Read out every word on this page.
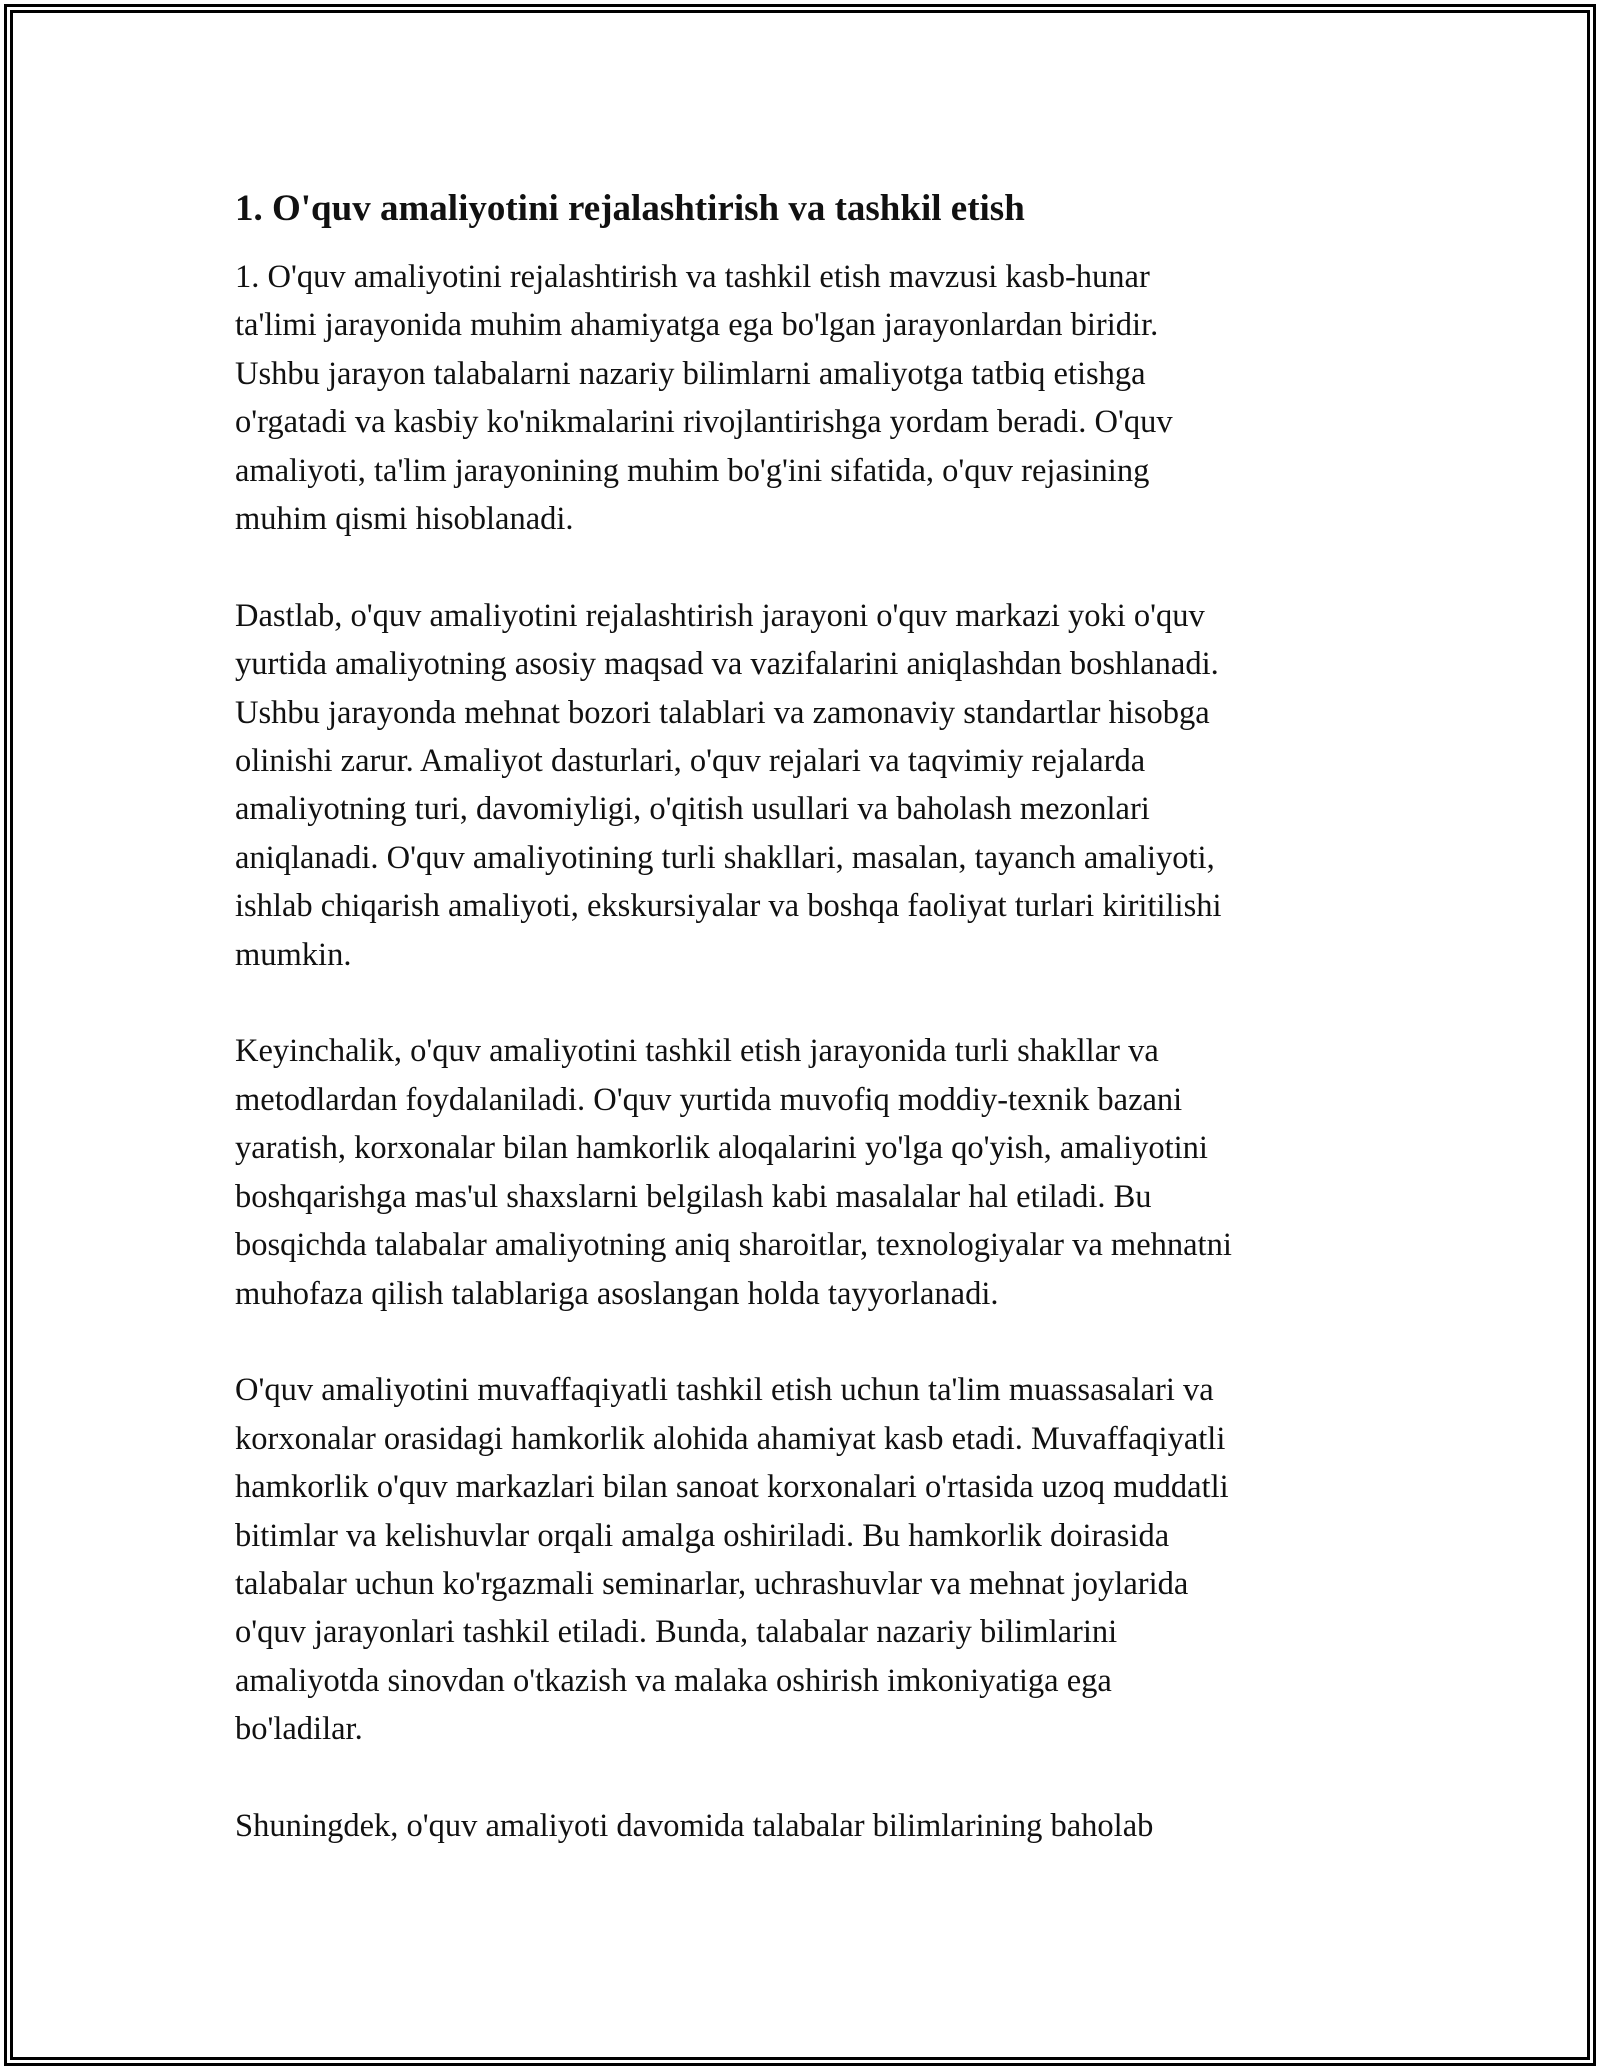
1. O'quv amaliyotini rejalashtirish va tashkil etish

1. O'quv amaliyotini rejalashtirish va tashkil etish mavzusi kasb-hunar
ta'limi jarayonida muhim ahamiyatga ega bo'lgan jarayonlardan biridir.
Ushbu jarayon talabalarni nazariy bilimlarni amaliyotga tatbiq etishga
o'rgatadi va kasbiy ko'nikmalarini rivojlantirishga yordam beradi. O'quv
amaliyoti, ta'lim jarayonining muhim bo'g'ini sifatida, o'quv rejasining
muhim qismi hisoblanadi.

Dastlab, o'quv amaliyotini rejalashtirish jarayoni o'quv markazi yoki o'quv
yurtida amaliyotning asosiy maqsad va vazifalarini aniqlashdan boshlanadi.
Ushbu jarayonda mehnat bozori talablari va zamonaviy standartlar hisobga
olinishi zarur. Amaliyot dasturlari, o'quv rejalari va taqvimiy rejalarda
amaliyotning turi, davomiyligi, o'qitish usullari va baholash mezonlari
aniqlanadi. O'quv amaliyotining turli shakllari, masalan, tayanch amaliyoti,
ishlab chiqarish amaliyoti, ekskursiyalar va boshqa faoliyat turlari kiritilishi
mumkin.

Keyinchalik, o'quv amaliyotini tashkil etish jarayonida turli shakllar va
metodlardan foydalaniladi. O'quv yurtida muvofiq moddiy-texnik bazani
yaratish, korxonalar bilan hamkorlik aloqalarini yo'lga qo'yish, amaliyotini
boshqarishga mas'ul shaxslarni belgilash kabi masalalar hal etiladi. Bu
bosqichda talabalar amaliyotning aniq sharoitlar, texnologiyalar va mehnatni
muhofaza qilish talablariga asoslangan holda tayyorlanadi.

O'quv amaliyotini muvaffaqiyatli tashkil etish uchun ta'lim muassasalari va
korxonalar orasidagi hamkorlik alohida ahamiyat kasb etadi. Muvaffaqiyatli
hamkorlik o'quv markazlari bilan sanoat korxonalari o'rtasida uzoq muddatli
bitimlar va kelishuvlar orqali amalga oshiriladi. Bu hamkorlik doirasida
talabalar uchun ko'rgazmali seminarlar, uchrashuvlar va mehnat joylarida
o'quv jarayonlari tashkil etiladi. Bunda, talabalar nazariy bilimlarini
amaliyotda sinovdan o'tkazish va malaka oshirish imkoniyatiga ega
bo'ladilar.

Shuningdek, o'quv amaliyoti davomida talabalar bilimlarining baholab
